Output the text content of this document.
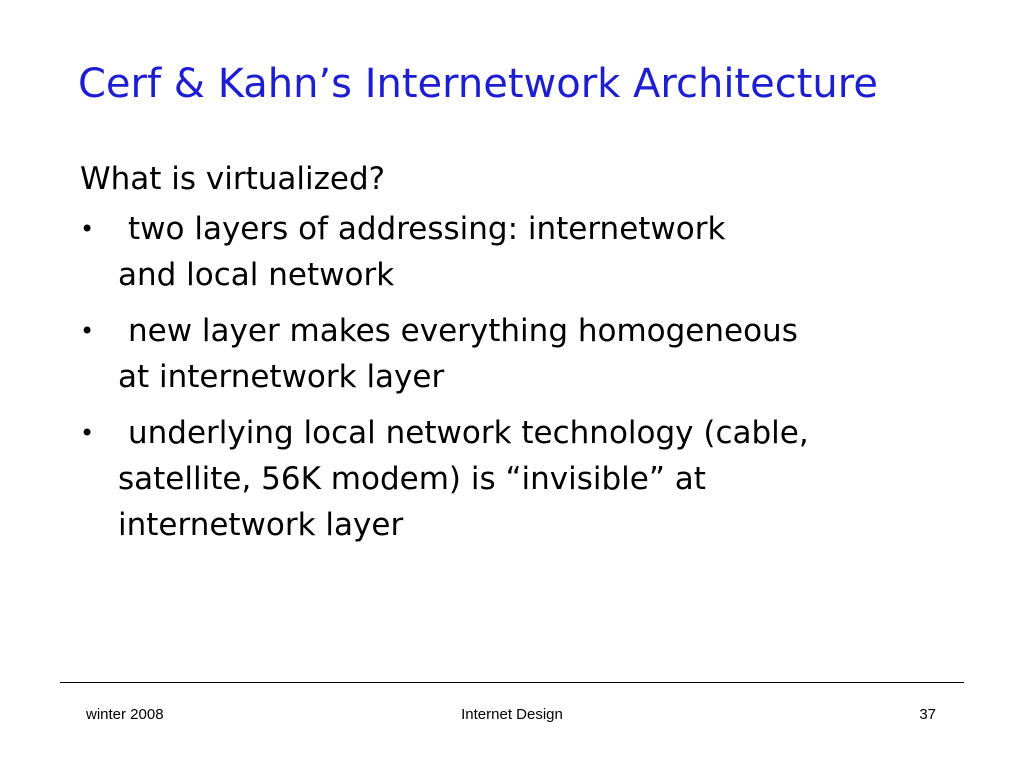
Cerf & Kahn’s Internetwork Architecture

What is virtualized?

•	two layers of addressing: internetwork
and local network
•	new layer makes everything homogeneous
at internetwork layer
•	underlying local network technology (cable,
satellite, 56K modem) is “invisible” at
internetwork layer
winter 2008	Internet Design	37
